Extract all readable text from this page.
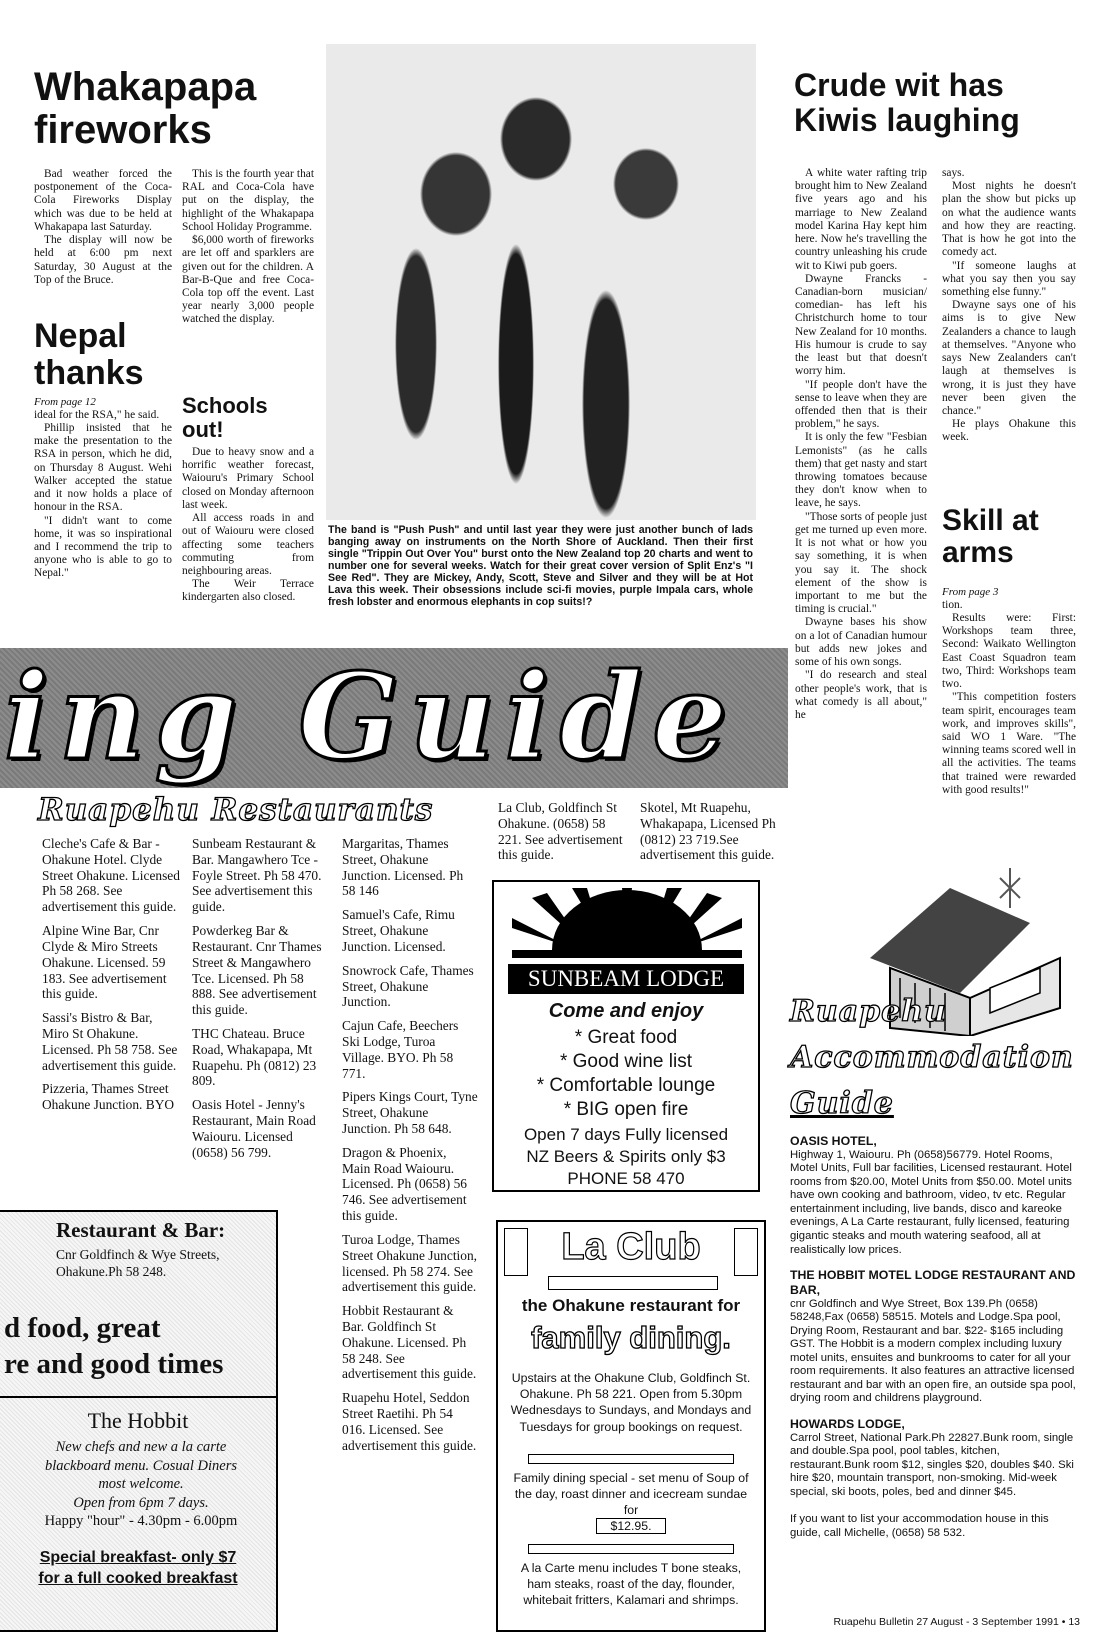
Whakapapa fireworks

Bad weather forced the postponement of the Coca-Cola Fireworks Display which was due to be held at Whakapapa last Saturday.

The display will now be held at 6:00 pm next Saturday, 30 August at the Top of the Bruce.

This is the fourth year that RAL and Coca-Cola have put on the display, the highlight of the Whakapapa School Holiday Programme.

$6,000 worth of fireworks are let off and sparklers are given out for the children. A Bar-B-Que and free Coca-Cola top off the event. Last year nearly 3,000 people watched the display.

Nepal thanks

From page 12

ideal for the RSA," he said.

Phillip insisted that he make the presentation to the RSA in person, which he did, on Thursday 8 August. Wehi Walker accepted the statue and it now holds a place of honour in the RSA.

"I didn't want to come home, it was so inspirational and I recommend the trip to anyone who is able to go to Nepal."

Schools out!

Due to heavy snow and a horrific weather forecast, Waiouru's Primary School closed on Monday afternoon last week.

All access roads in and out of Waiouru were closed affecting some teachers commuting from neighbouring areas.

The Weir Terrace kindergarten also closed.

The band is "Push Push" and until last year they were just another bunch of lads banging away on instruments on the North Shore of Auckland. Then their first single "Trippin Out Over You" burst onto the New Zealand top 20 charts and went to number one for several weeks. Watch for their great cover version of Split Enz's "I See Red". They are Mickey, Andy, Scott, Steve and Silver and they will be at Hot Lava this week. Their obsessions include sci-fi movies, purple Impala cars, whole fresh lobster and enormous elephants in cop suits!?
Crude wit has Kiwis laughing

A white water rafting trip brought him to New Zealand five years ago and his marriage to New Zealand model Karina Hay kept him here. Now he's travelling the country unleashing his crude wit to Kiwi pub goers.

Dwayne Francks - Canadian-born musician/ comedian- has left his Christchurch home to tour New Zealand for 10 months. His humour is crude to say the least but that doesn't worry him.

"If people don't have the sense to leave when they are offended then that is their problem," he says.

It is only the few "Fesbian Lemonists" (as he calls them) that get nasty and start throwing tomatoes because they don't know when to leave, he says.

"Those sorts of people just get me turned up even more. It is not what or how you say something, it is when you say it. The shock element of the show is important to me but the timing is crucial."

Dwayne bases his show on a lot of Canadian humour but adds new jokes and some of his own songs.

"I do research and steal other people's work, that is what comedy is all about," he

says.

Most nights he doesn't plan the show but picks up on what the audience wants and how they are reacting. That is how he got into the comedy act.

"If someone laughs at what you say then you say something else funny."

Dwayne says one of his aims is to give New Zealanders a chance to laugh at themselves. "Anyone who says New Zealanders can't laugh at themselves is wrong, it is just they have never been given the chance."

He plays Ohakune this week.

Skill at arms

From page 3

tion.

Results were: First: Workshops team three, Second: Waikato Wellington East Coast Squadron team two, Third: Workshops team two.

"This competition fosters team spirit, encourages team work, and improves skills", said WO 1 Ware. "The winning teams scored well in all the activities. The teams that trained were rewarded with good results!"

ing Guide
Ruapehu Restaurants

Cleche's Cafe & Bar - Ohakune Hotel. Clyde Street Ohakune. Licensed Ph 58 268. See advertisement this guide.

Alpine Wine Bar, Cnr Clyde & Miro Streets Ohakune. Licensed. 59 183. See advertisement this guide.

Sassi's Bistro & Bar, Miro St Ohakune. Licensed. Ph 58 758. See advertisement this guide.

Pizzeria, Thames Street Ohakune Junction. BYO

Sunbeam Restaurant & Bar. Mangawhero Tce - Foyle Street. Ph 58 470. See advertisement this guide.

Powderkeg Bar & Restaurant. Cnr Thames Street & Mangawhero Tce. Licensed. Ph 58 888. See advertisement this guide.

THC Chateau. Bruce Road, Whakapapa, Mt Ruapehu. Ph (0812) 23 809.

Oasis Hotel - Jenny's Restaurant, Main Road Waiouru. Licensed (0658) 56 799.

Margaritas, Thames Street, Ohakune Junction. Licensed. Ph 58 146

Samuel's Cafe, Rimu Street, Ohakune Junction. Licensed.

Snowrock Cafe, Thames Street, Ohakune Junction.

Cajun Cafe, Beechers Ski Lodge, Turoa Village. BYO. Ph 58 771.

Pipers Kings Court, Tyne Street, Ohakune Junction. Ph 58 648.

Dragon & Phoenix, Main Road Waiouru. Licensed. Ph (0658) 56 746. See advertisement this guide.

Turoa Lodge, Thames Street Ohakune Junction, licensed. Ph 58 274. See advertisement this guide.

Hobbit Restaurant & Bar. Goldfinch St Ohakune. Licensed. Ph 58 248. See advertisement this guide.

Ruapehu Hotel, Seddon Street Raetihi. Ph 54 016. Licensed. See advertisement this guide.

La Club, Goldfinch St Ohakune. (0658) 58 221. See advertisement this guide.

Skotel, Mt Ruapehu, Whakapapa, Licensed Ph (0812) 23 719.See advertisement this guide.

SUNBEAM LODGE
Come and enjoy
* Great food
* Good wine list
* Comfortable lounge
* BIG open fire
Open 7 days Fully licensed
NZ Beers & Spirits only $3
PHONE 58 470
La Club
the Ohakune restaurant for
family dining.
Upstairs at the Ohakune Club, Goldfinch St. Ohakune. Ph 58 221. Open from 5.30pm Wednesdays to Sundays, and Mondays and Tuesdays for group bookings on request.
Family dining special - set menu of Soup of the day, roast dinner and icecream sundae for
$12.95.
A la Carte menu includes T bone steaks, ham steaks, roast of the day, flounder, whitebait fritters, Kalamari and shrimps.
Restaurant & Bar:
Cnr Goldfinch & Wye Streets, Ohakune.Ph 58 248.
d food, great
re and good times
The Hobbit
New chefs and new a la carte
blackboard menu. Cosual Diners
most welcome.
Open from 6pm 7 days.
Happy "hour" - 4.30pm - 6.00pm
Special breakfast- only $7
for a full cooked breakfast
Ruapehu
Accommodation
Guide
OASIS HOTEL,
Highway 1, Waiouru. Ph (0658)56779. Hotel Rooms, Motel Units, Full bar facilities, Licensed restaurant. Hotel rooms from $20.00, Motel Units from $50.00. Motel units have own cooking and bathroom, video, tv etc. Regular entertainment including, live bands, disco and kareoke evenings, A La Carte restaurant, fully licensed, featuring gigantic steaks and mouth watering seafood, all at realistically low prices.
THE HOBBIT MOTEL LODGE RESTAURANT AND BAR,
cnr Goldfinch and Wye Street, Box 139.Ph (0658) 58248,Fax (0658) 58515. Motels and Lodge.Spa pool, Drying Room, Restaurant and bar. $22- $165 including GST. The Hobbit is a modern complex including luxury motel units, ensuites and bunkrooms to cater for all your room requirements. It also features an attractive licensed restaurant and bar with an open fire, an outside spa pool, drying room and childrens playground.
HOWARDS LODGE,
Carrol Street, National Park.Ph 22827.Bunk room, single and double.Spa pool, pool tables, kitchen, restaurant.Bunk room $12, singles $20, doubles $40. Ski hire $20, mountain transport, non-smoking. Mid-week special, ski boots, poles, bed and dinner $45.
If you want to list your accommodation house in this guide, call Michelle, (0658) 58 532.
Ruapehu Bulletin 27 August - 3 September 1991 • 13
